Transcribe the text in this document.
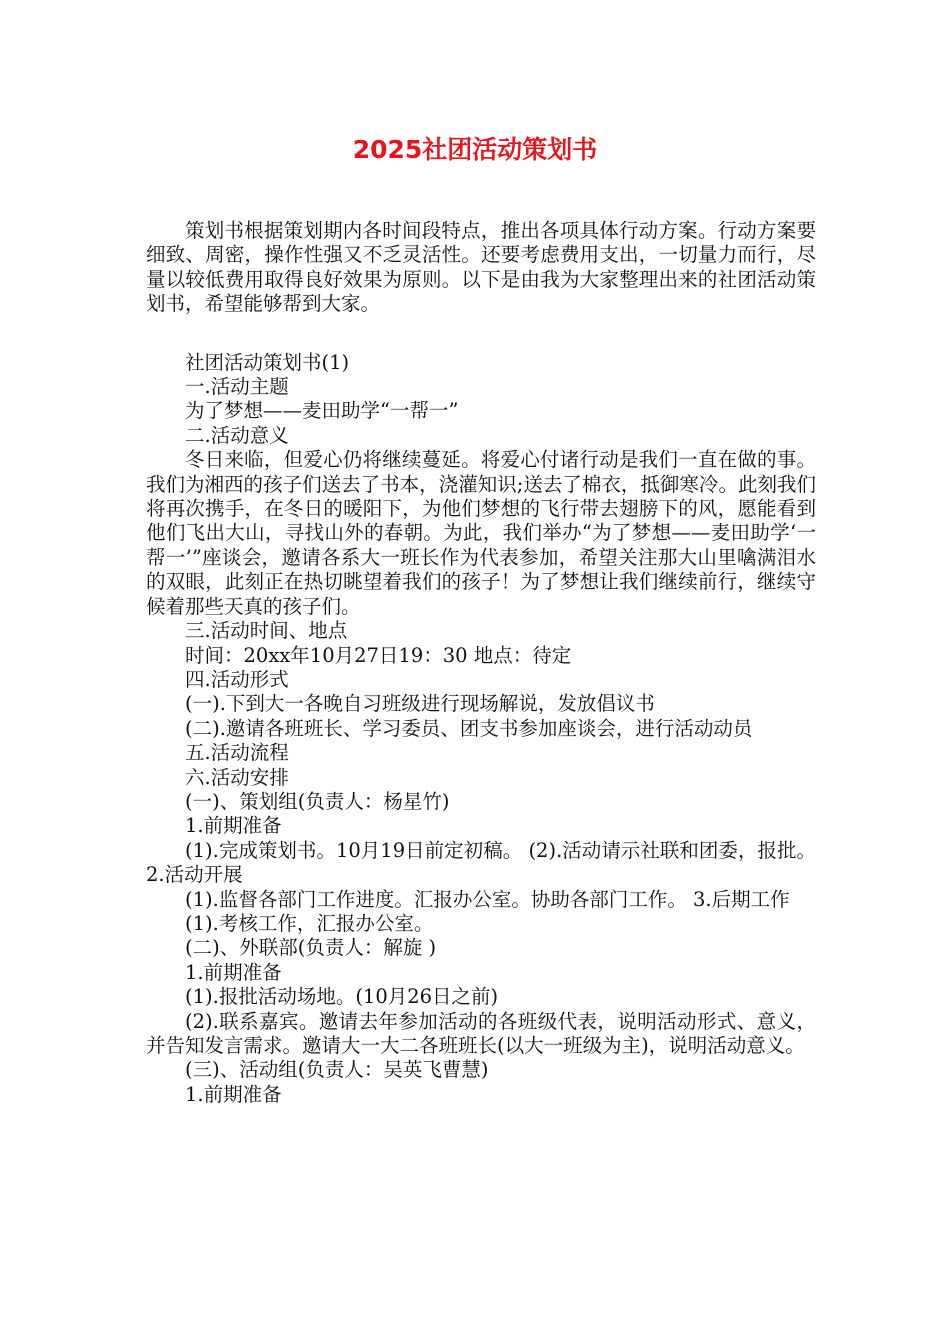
2025社团活动策划书

策划书根据策划期内各时间段特点，推出各项具体行动方案。行动方案要细致、周密，操作性强又不乏灵活性。还要考虑费用支出，一切量力而行，尽量以较低费用取得良好效果为原则。以下是由我为大家整理出来的社团活动策划书，希望能够帮到大家。

社团活动策划书(1)

一.活动主题

为了梦想——麦田助学“一帮一”

二.活动意义

冬日来临，但爱心仍将继续蔓延。将爱心付诸行动是我们一直在做的事。我们为湘西的孩子们送去了书本，浇灌知识;送去了棉衣，抵御寒冷。此刻我们将再次携手，在冬日的暖阳下，为他们梦想的飞行带去翅膀下的风，愿能看到他们飞出大山，寻找山外的春朝。为此，我们举办“为了梦想——麦田助学‘一帮一’”座谈会，邀请各系大一班长作为代表参加，希望关注那大山里噙满泪水的双眼，此刻正在热切眺望着我们的孩子！为了梦想让我们继续前行，继续守候着那些天真的孩子们。

三.活动时间、地点

时间：20xx年10月27日19：30 地点：待定

四.活动形式

(一).下到大一各晚自习班级进行现场解说，发放倡议书

(二).邀请各班班长、学习委员、团支书参加座谈会，进行活动动员

五.活动流程

六.活动安排

(一)、策划组(负责人：杨星竹)

1.前期准备

(1).完成策划书。10月19日前定初稿。 (2).活动请示社联和团委，报批。 2.活动开展

(1).监督各部门工作进度。汇报办公室。协助各部门工作。 3.后期工作

(1).考核工作，汇报办公室。

(二)、外联部(负责人：解旋 )

1.前期准备

(1).报批活动场地。(10月26日之前)

(2).联系嘉宾。邀请去年参加活动的各班级代表，说明活动形式、意义，并告知发言需求。邀请大一大二各班班长(以大一班级为主)，说明活动意义。

(三)、活动组(负责人：吴英飞曹慧)

1.前期准备
